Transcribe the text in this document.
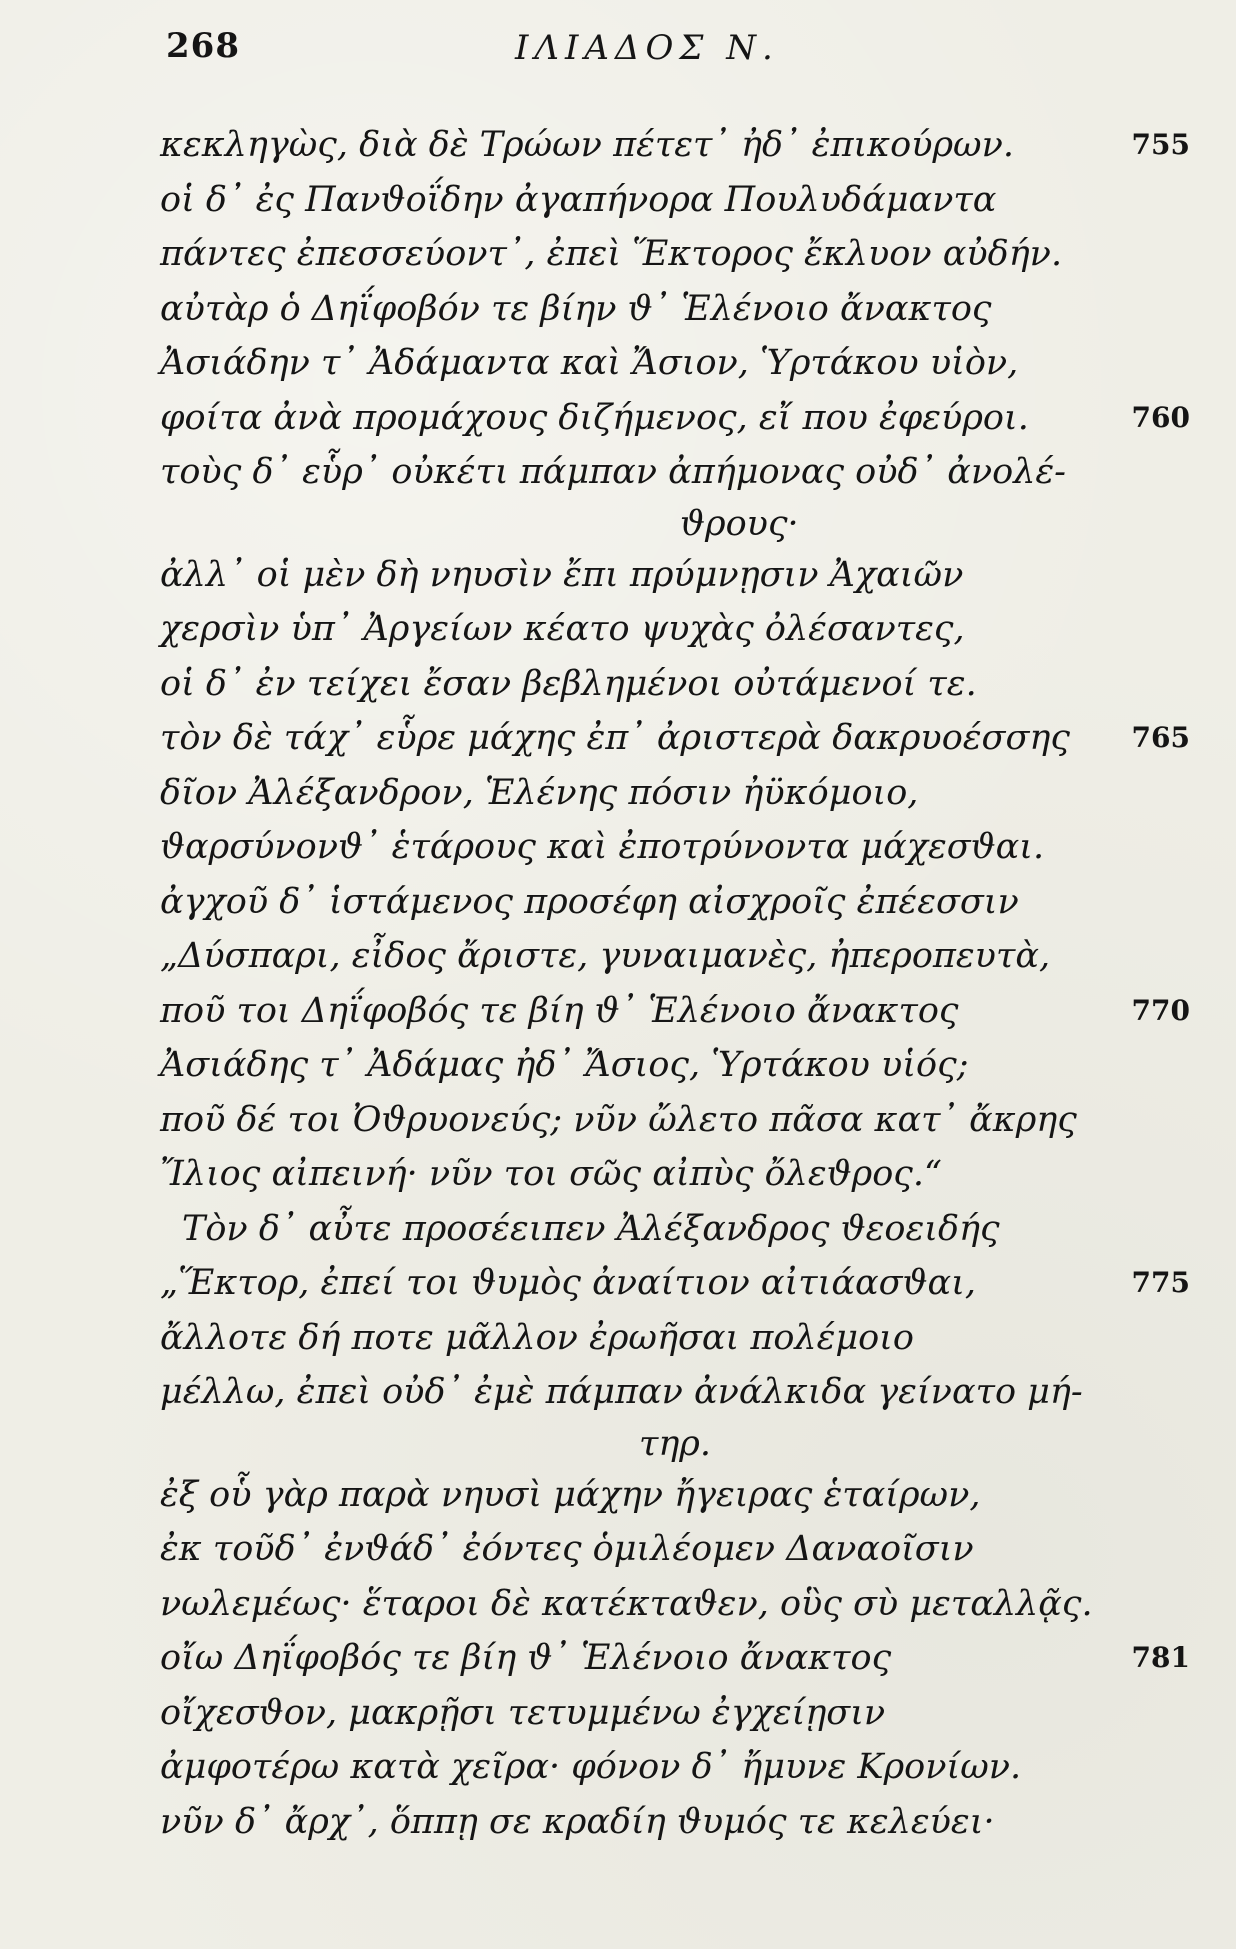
268	ΙΛΙΑΔΟΣ Ν.
κεκληγὼς, διὰ δὲ Τρώων πέτετ᾽ ἠδ᾽ ἐπικούρων.	755
οἱ δ᾽ ἐς Πανϑοΐδην ἀγαπήνορα Πουλυδάμαντα
πάντες ἐπεσσεύοντ᾽, ἐπεὶ Ἕκτορος ἔκλυον αὐδήν.
αὐτὰρ ὁ Δηΐφοβόν τε βίην ϑ᾽ Ἑλένοιο ἄνακτος
Ἀσιάδην τ᾽ Ἀδάμαντα καὶ Ἄσιον, Ὑρτάκου υἱὸν,
φοίτα ἀνὰ προμάχους διζήμενος, εἴ που ἐφεύροι.	760
τοὺς δ᾽ εὗρ᾽ οὐκέτι πάμπαν ἀπήμονας οὐδ᾽ ἀνολέ-
ϑρους·
ἀλλ᾽ οἱ μὲν δὴ νηυσὶν ἔπι πρύμνῃσιν Ἀχαιῶν
χερσὶν ὑπ᾽ Ἀργείων κέατο ψυχὰς ὀλέσαντες,
οἱ δ᾽ ἐν τείχει ἔσαν βεβλημένοι οὐτάμενοί τε.
τὸν δὲ τάχ᾽ εὗρε μάχης ἐπ᾽ ἀριστερὰ δακρυοέσσης 765
δῖον Ἀλέξανδρον, Ἑλένης πόσιν ἠϋκόμοιο,
ϑαρσύνονϑ᾽ ἑτάρους καὶ ἐποτρύνοντα μάχεσϑαι.
ἀγχοῦ δ᾽ ἱστάμενος προσέφη αἰσχροῖς ἐπέεσσιν
„Δύσπαρι, εἶδος ἄριστε, γυναιμανὲς, ἠπεροπευτὰ,
ποῦ τοι Δηΐφοβός τε βίη ϑ᾽ Ἑλένοιο ἄνακτος	770
Ἀσιάδης τ᾽ Ἀδάμας ἠδ᾽ Ἄσιος, Ὑρτάκου υἱός;
ποῦ δέ τοι Ὀϑρυονεύς; νῦν ὤλετο πᾶσα κατ᾽ ἄκρης
Ἴλιος αἰπεινή· νῦν τοι σῶς αἰπὺς ὄλεϑρος.“
Τὸν δ᾽ αὖτε προσέειπεν Ἀλέξανδρος ϑεοειδής
„Ἕκτορ, ἐπεί τοι ϑυμὸς ἀναίτιον αἰτιάασϑαι,	775
ἄλλοτε δή ποτε μᾶλλον ἐρωῆσαι πολέμοιο
μέλλω, ἐπεὶ οὐδ᾽ ἐμὲ πάμπαν ἀνάλκιδα γείνατο μή-
τηρ.
ἐξ οὗ γὰρ παρὰ νηυσὶ μάχην ἤγειρας ἑταίρων,
ἐκ τοῦδ᾽ ἐνϑάδ᾽ ἐόντες ὁμιλέομεν Δαναοῖσιν
νωλεμέως· ἕταροι δὲ κατέκταϑεν, οὓς σὺ μεταλλᾷς.
οἴω Δηΐφοβός τε βίη ϑ᾽ Ἑλένοιο ἄνακτος	781
οἴχεσϑον, μακρῇσι τετυμμένω ἐγχείῃσιν
ἀμφοτέρω κατὰ χεῖρα· φόνον δ᾽ ἤμυνε Κρονίων.
νῦν δ᾽ ἄρχ᾽, ὅππῃ σε κραδίη ϑυμός τε κελεύει·
